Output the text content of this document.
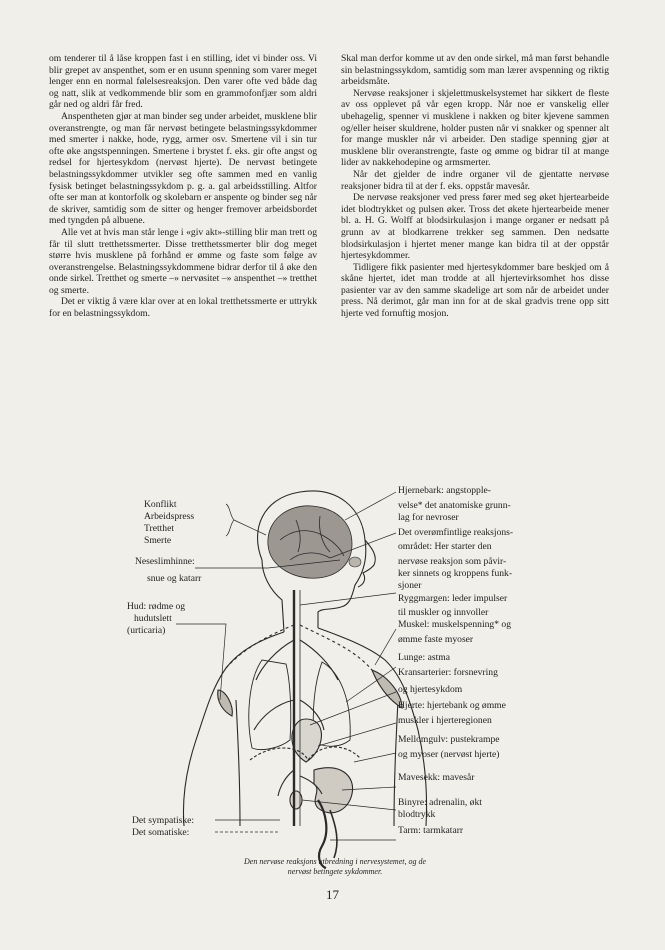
om tenderer til å låse kroppen fast i en stilling, idet vi binder oss. Vi blir grepet av anspenthet, som er en usunn spenning som varer meget lenger enn en normal følelsesreaksjon. Den varer ofte ved både dag og natt, slik at vedkommende blir som en grammofonfjær som aldri går ned og aldri får fred.

Anspentheten gjør at man binder seg under arbeidet, musklene blir overanstrengte, og man får nervøst betingete belastningssykdommer med smerter i nakke, hode, rygg, armer osv. Smertene vil i sin tur ofte øke angstspenningen. Smertene i brystet f. eks. gir ofte angst og redsel for hjertesykdom (nervøst hjerte). De nervøst betingete belastningssykdommer utvikler seg ofte sammen med en vanlig fysisk betinget belastningssykdom p. g. a. gal arbeidsstilling. Altfor ofte ser man at kontorfolk og skolebarn er anspente og binder seg når de skriver, samtidig som de sitter og henger fremover arbeidsbordet med tyngden på albuene.

Alle vet at hvis man står lenge i «giv akt»-stilling blir man trett og får til slutt tretthetssmerter. Disse tretthetssmerter blir dog meget større hvis musklene på forhånd er ømme og faste som følge av overanstrengelse. Belastningssykdommene bidrar derfor til å øke den onde sirkel. Tretthet og smerte –» nervøsitet –» anspenthet –» tretthet og smerte.

Det er viktig å være klar over at en lokal tretthetssmerte er uttrykk for en belastningssykdom.

Skal man derfor komme ut av den onde sirkel, må man først behandle sin belastningssykdom, samtidig som man lærer avspenning og riktig arbeidsmåte.

Nervøse reaksjoner i skjelettmuskelsystemet har sikkert de fleste av oss opplevet på vår egen kropp. Når noe er vanskelig eller ubehagelig, spenner vi musklene i nakken og biter kjevene sammen og/eller heiser skuldrene, holder pusten når vi snakker og spenner alt for mange muskler når vi arbeider. Den stadige spenning gjør at musklene blir overanstrengte, faste og ømme og bidrar til at mange lider av nakkehodepine og armsmerter.

Når det gjelder de indre organer vil de gjentatte nervøse reaksjoner bidra til at der f. eks. oppstår mavesår.

De nervøse reaksjoner ved press fører med seg øket hjertearbeide idet blodtrykket og pulsen øker. Tross det økete hjertearbeide mener bl. a. H. G. Wolff at blodsirkulasjon i mange organer er nedsatt på grunn av at blodkarrene trekker seg sammen. Den nedsatte blodsirkulasjon i hjertet mener mange kan bidra til at der oppstår hjertesykdommer.

Tidligere fikk pasienter med hjertesykdommer bare beskjed om å skåne hjertet, idet man trodde at all hjertevirksomhet hos disse pasienter var av den samme skadelige art som når de arbeidet under press. Nå derimot, går man inn for at de skal gradvis trene opp sitt hjerte ved fornuftig mosjon.

Konflikt
Arbeidspress
Tretthet
Smerte
Neseslimhinne:
snue og katarr
Hud: rødme og
hudutslett
(urticaria)
Det sympatiske:
Det somatiske:
Hjernebark: angstopple-
velse* det anatomiske grunn-
lag for nevroser
Det overømfintlige reaksjons-
området: Her starter den
nervøse reaksjon som påvir-
ker sinnets og kroppens funk-
sjoner
Ryggmargen: leder impulser
til muskler og innvoller
Muskel: muskelspenning* og
ømme faste myoser
Lunge: astma
Kransarterier: forsnevring
og hjertesykdom
Hjerte: hjertebank og ømme
muskler i hjerteregionen
Mellomgulv: pustekrampe
og myoser (nervøst hjerte)
Mavesekk: mavesår
Binyre: adrenalin, økt
blodtrykk
Tarm: tarmkatarr
Den nervøse reaksjons utbredning i nervesystemet, og de
nervøst betingete sykdommer.
17
